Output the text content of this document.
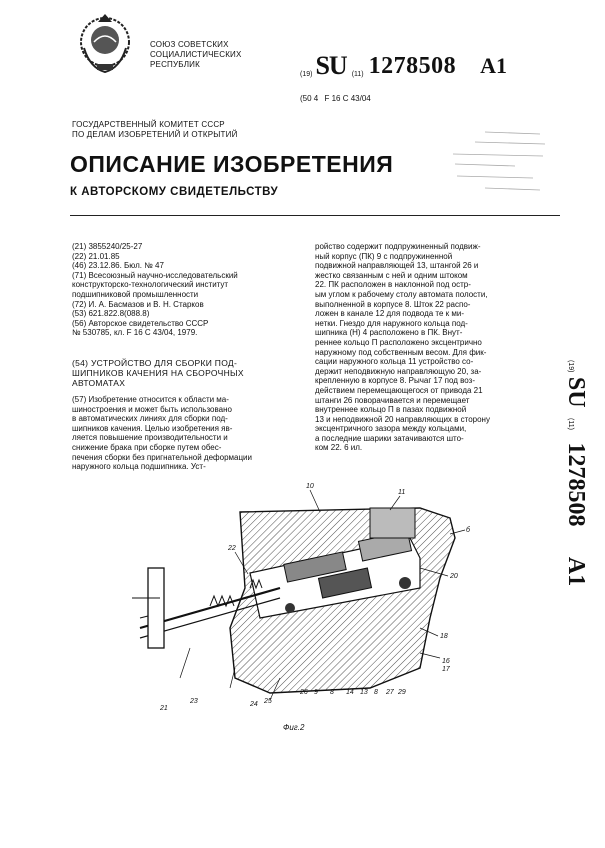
СОЮЗ СОВЕТСКИХ
СОЦИАЛИСТИЧЕСКИХ
РЕСПУБЛИК
(19) SU (11) 1278508 A1
(50 4 F 16 C 43/04
ГОСУДАРСТВЕННЫЙ КОМИТЕТ СССР
ПО ДЕЛАМ ИЗОБРЕТЕНИЙ И ОТКРЫТИЙ
ОПИСАНИЕ ИЗОБРЕТЕНИЯ
К АВТОРСКОМУ СВИДЕТЕЛЬСТВУ
(21) 3855240/25-27
(22) 21.01.85
(46) 23.12.86. Бюл. № 47
(71) Всесоюзный научно-исследовательский
конструкторско-технологический институт
подшипниковой промышленности
(72) И. А. Басмазов и В. Н. Старков
(53) 621.822.8(088.8)
(56) Авторское свидетельство СССР
№ 530785, кл. F 16 C 43/04, 1979.
(54) УСТРОЙСТВО ДЛЯ СБОРКИ ПОД-
ШИПНИКОВ КАЧЕНИЯ НА СБОРОЧНЫХ
АВТОМАТАХ
(57) Изобретение относится к области ма-
шиностроения и может быть использовано
в автоматических линиях для сборки под-
шипников качения. Целью изобретения яв-
ляется повышение производительности и
снижение брака при сборке путем обес-
печения сборки без пригнательной деформации
наружного кольца подшипника. Уст-
ройство содержит подпружиненный подвиж-
ный корпус (ПК) 9 с подпружиненной
подвижной направляющей 13, штангой 26 и
жестко связанным с ней и одним штоком
22. ПК расположен в наклонной под остр-
ым углом к рабочему столу автомата полости,
выполненной в корпусе 8. Шток 22 распо-
ложен в канале 12 для подвода те к ми-
нетки. Гнездо для наружного кольца под-
шипника (Н) 4 расположено в ПК. Внут-
реннее кольцо П расположено эксцентрично
наружному под собственным весом. Для фик-
сации наружного кольца 11 устройство со-
держит неподвижную направляющую 20, за-
крепленную в корпусе 8. Рычаг 17 под воз-
действием перемещающегося от привода 21
штанги 26 поворачивается и перемещает
внутреннее кольцо П в пазах подвижной
13 и неподвижной 20 направляющих в сторону
эксцентричного зазора между кольцами,
а последние шарики затачиваются што-
ком 22. 6 ил.
(19) SU (11) 1278508 A1
10
11
б
22
20
18
16
17
21
23	24 25
26 9 8 14 13 8 27 29
Фиг.2
